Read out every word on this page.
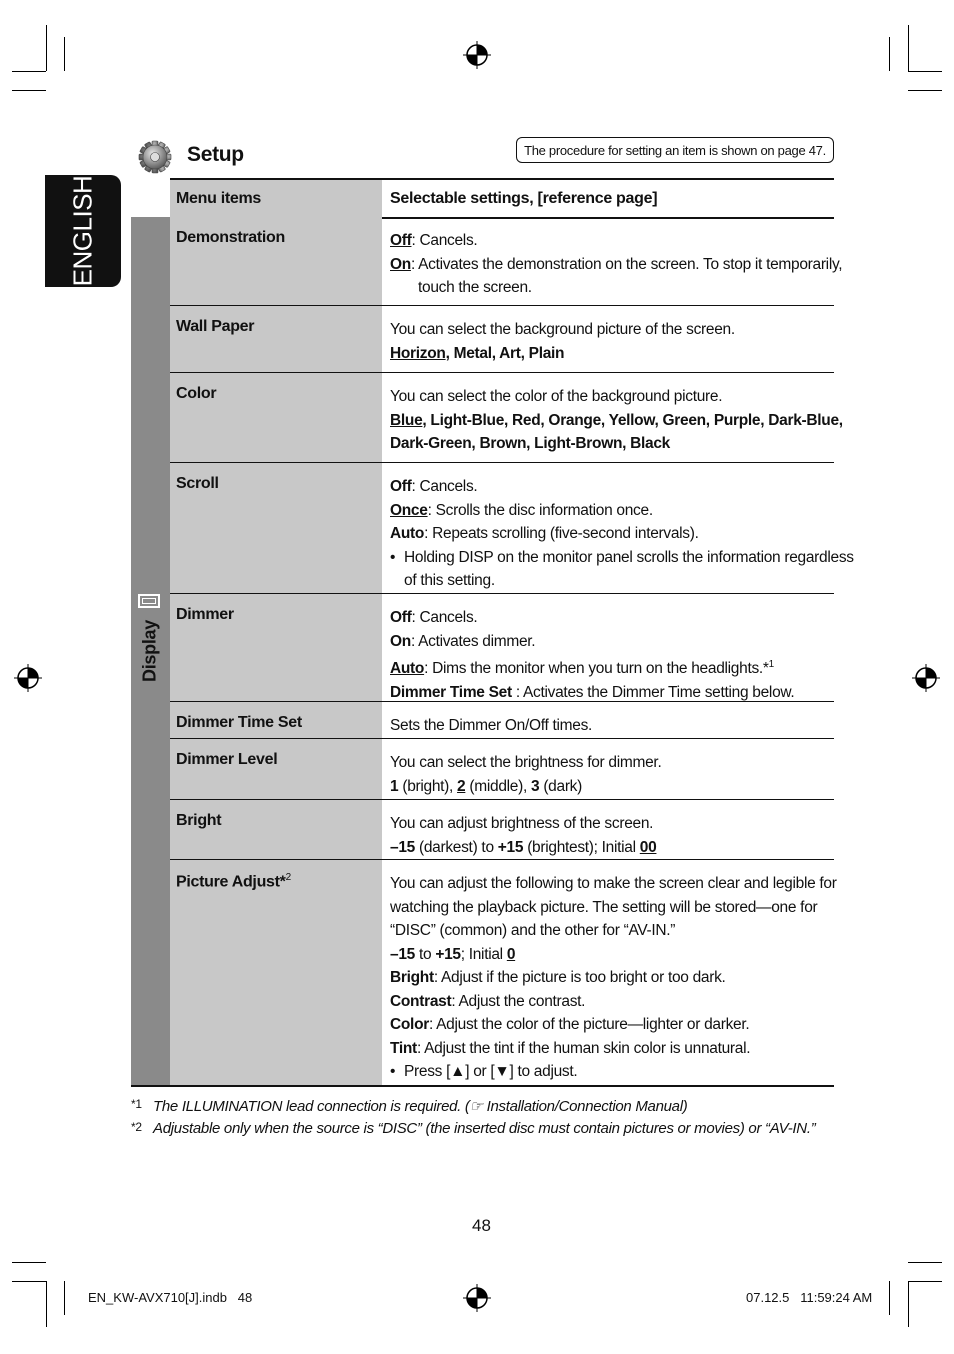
ENGLISH
Setup	The procedure for setting an item is shown on page 47.
Menu items	Selectable settings, [reference page]
Display
Demonstration	Off: Cancels.
On: Activates the demonstration on the screen. To stop it temporarily,
touch the screen.
Wall Paper	You can select the background picture of the screen.
Horizon, Metal, Art, Plain
Color	You can select the color of the background picture.
Blue, Light-Blue, Red, Orange, Yellow, Green, Purple, Dark-Blue,
Dark-Green, Brown, Light-Brown, Black
Scroll	Off: Cancels.
Once: Scrolls the disc information once.
Auto: Repeats scrolling (five-second intervals).
• Holding DISP on the monitor panel scrolls the information regardless
of this setting.
Dimmer	Off: Cancels.
On: Activates dimmer.
Auto: Dims the monitor when you turn on the headlights.*$^1$
Dimmer Time Set : Activates the Dimmer Time setting below.
Dimmer Time Set	Sets the Dimmer On/Off times.
Dimmer Level	You can select the brightness for dimmer.
1 (bright), 2 (middle), 3 (dark)
Bright	You can adjust brightness of the screen.
–15 (darkest) to +15 (brightest); Initial 00
Picture Adjust*$^2$	You can adjust the following to make the screen clear and legible for
watching the playback picture. The setting will be stored—one for
“DISC” (common) and the other for “AV-IN.”
–15 to +15; Initial 0
Bright: Adjust if the picture is too bright or too dark.
Contrast: Adjust the contrast.
Color: Adjust the color of the picture—lighter or darker.
Tint: Adjust the tint if the human skin color is unnatural.
• Press [▲] or [▼] to adjust.
*1 The ILLUMINATION lead connection is required. (☞ Installation/Connection Manual)
*2 Adjustable only when the source is “DISC” (the inserted disc must contain pictures or movies) or “AV-IN.”
48
EN_KW-AVX710[J].indb   48	07.12.5   11:59:24 AM
